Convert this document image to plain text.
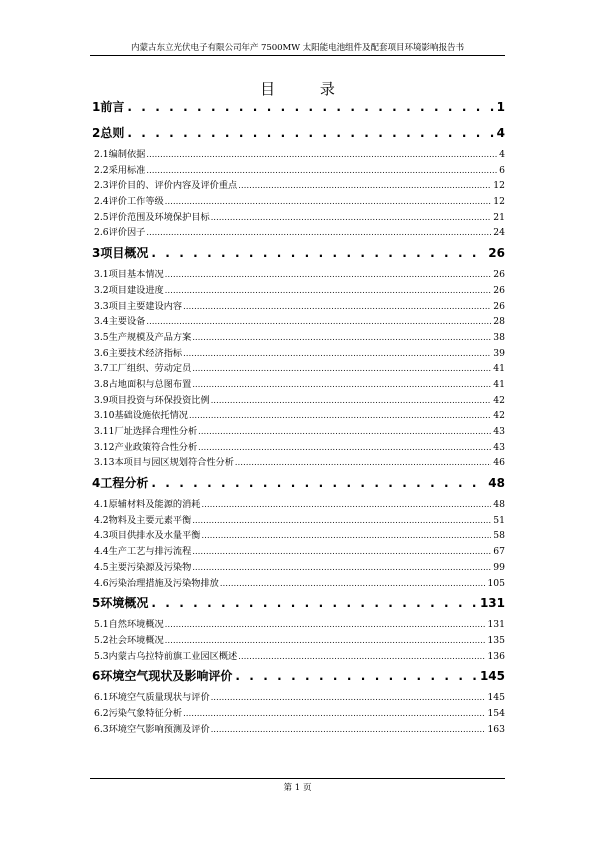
内蒙古东立光伏电子有限公司年产 7500MW 太阳能电池组件及配套项目环境影响报告书
目 录
1 前言 . . .	1
2 总则 . . .	4
2.1 编制依据 .....	4
2.2 采用标准 .....	6
2.3 评价目的、评价内容及评价重点 .....	12
2.4 评价工作等级 .....	12
2.5 评价范围及环境保护目标 .....	21
2.6 评价因子 .....	24
3 项目概况 . . .	26
3.1 项目基本情况 .....	26
3.2 项目建设进度 .....	26
3.3 项目主要建设内容 .....	26
3.4 主要设备 .....	28
3.5 生产规模及产品方案 .....	38
3.6 主要技术经济指标 .....	39
3.7 工厂组织、劳动定员 .....	41
3.8 占地面积与总图布置 .....	41
3.9 项目投资与环保投资比例 .....	42
3.10 基础设施依托情况 .....	42
3.11 厂址选择合理性分析 .....	43
3.12 产业政策符合性分析 .....	43
3.13 本项目与园区规划符合性分析 .....	46
4 工程分析 . . .	48
4.1 原辅材料及能源的消耗 .....	48
4.2 物料及主要元素平衡 .....	51
4.3 项目供排水及水量平衡 .....	58
4.4 生产工艺与排污流程 .....	67
4.5 主要污染源及污染物 .....	99
4.6 污染治理措施及污染物排放 .....	105
5 环境概况 . . .	131
5.1 自然环境概况 .....	131
5.2 社会环境概况 .....	135
5.3 内蒙古乌拉特前旗工业园区概述 .....	136
6 环境空气现状及影响评价 . . .	145
6.1 环境空气质量现状与评价 .....	145
6.2 污染气象特征分析 .....	154
6.3 环境空气影响预测及评价 .....	163
第 1 页
